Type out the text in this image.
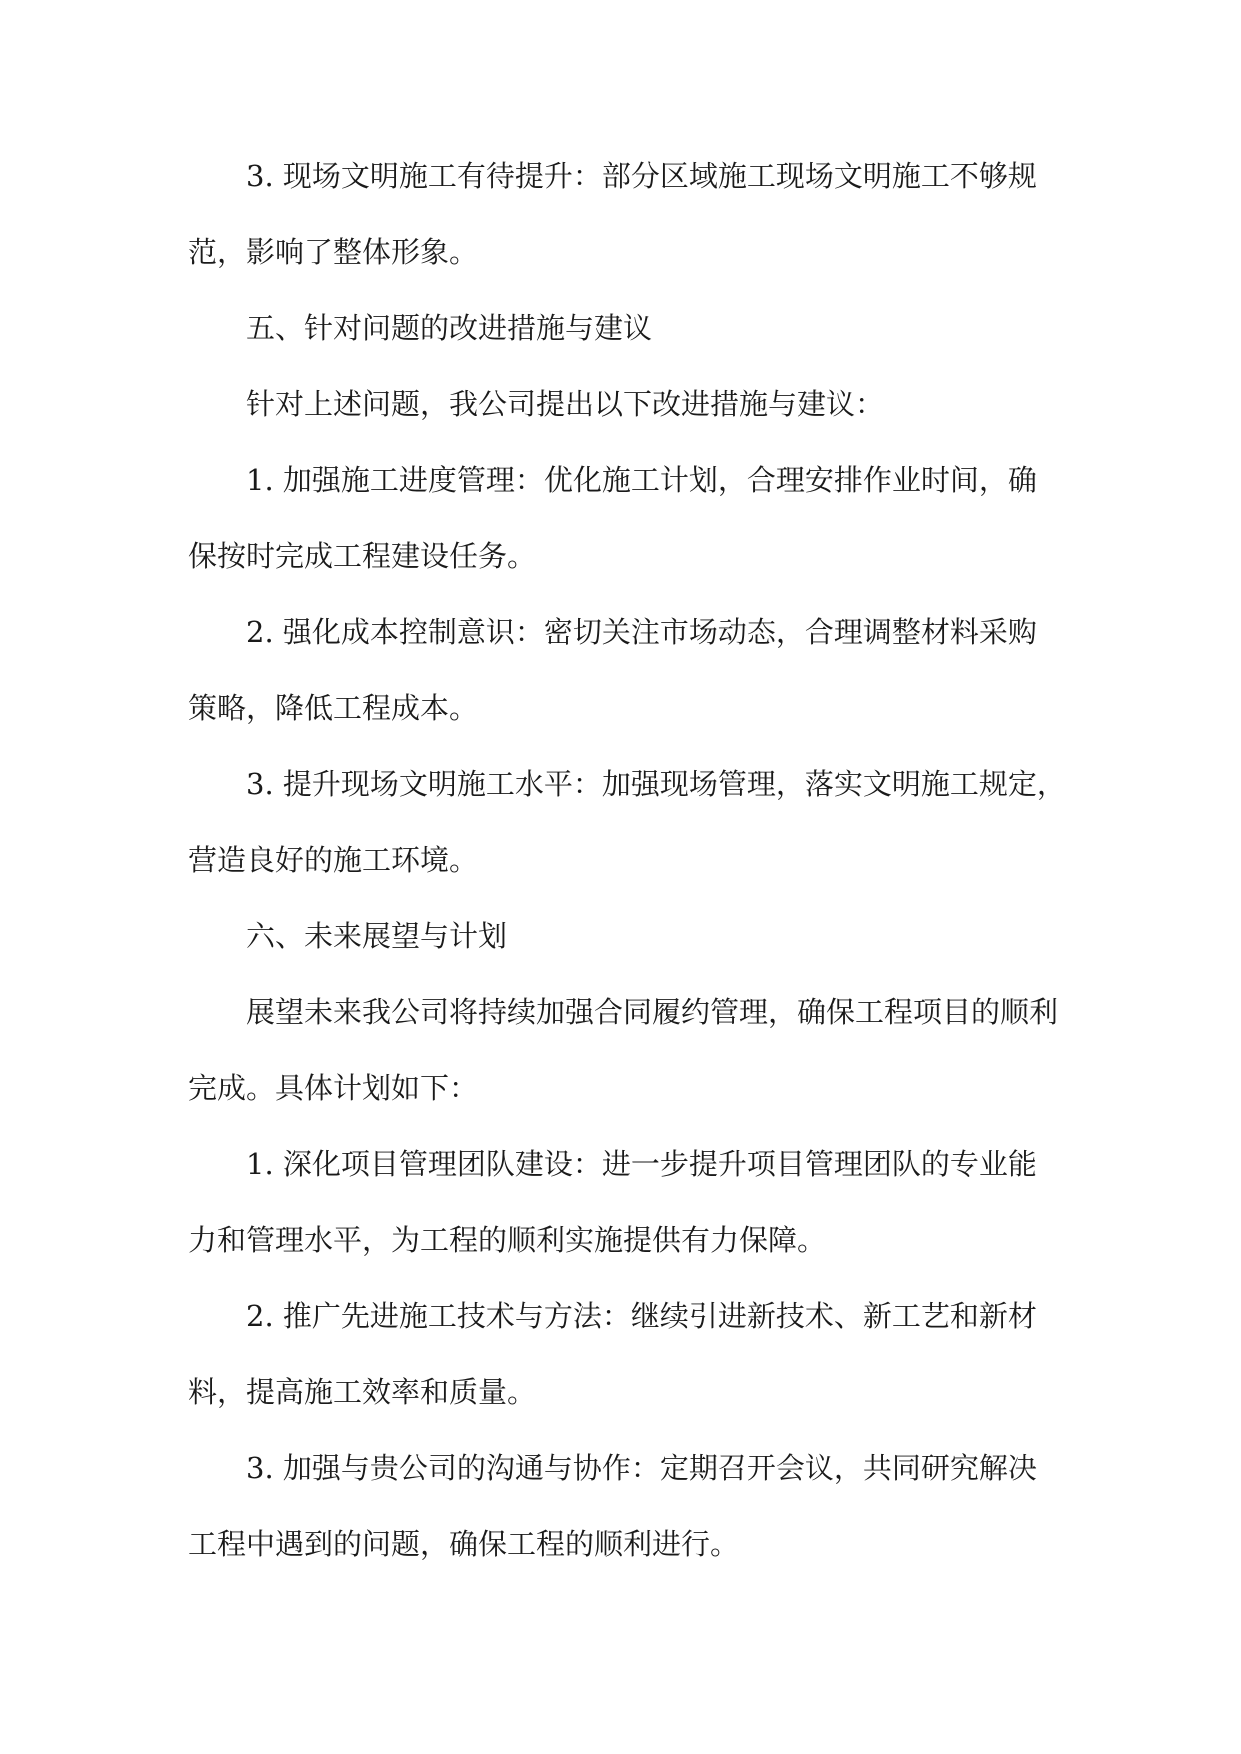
3. 现场文明施工有待提升：部分区域施工现场文明施工不够规

范，影响了整体形象。

五、针对问题的改进措施与建议

针对上述问题，我公司提出以下改进措施与建议：

1. 加强施工进度管理：优化施工计划，合理安排作业时间，确

保按时完成工程建设任务。

2. 强化成本控制意识：密切关注市场动态，合理调整材料采购

策略，降低工程成本。

3. 提升现场文明施工水平：加强现场管理，落实文明施工规定，

营造良好的施工环境。

六、未来展望与计划

展望未来我公司将持续加强合同履约管理，确保工程项目的顺利

完成。具体计划如下：

1. 深化项目管理团队建设：进一步提升项目管理团队的专业能

力和管理水平，为工程的顺利实施提供有力保障。

2. 推广先进施工技术与方法：继续引进新技术、新工艺和新材

料，提高施工效率和质量。

3. 加强与贵公司的沟通与协作：定期召开会议，共同研究解决

工程中遇到的问题，确保工程的顺利进行。
